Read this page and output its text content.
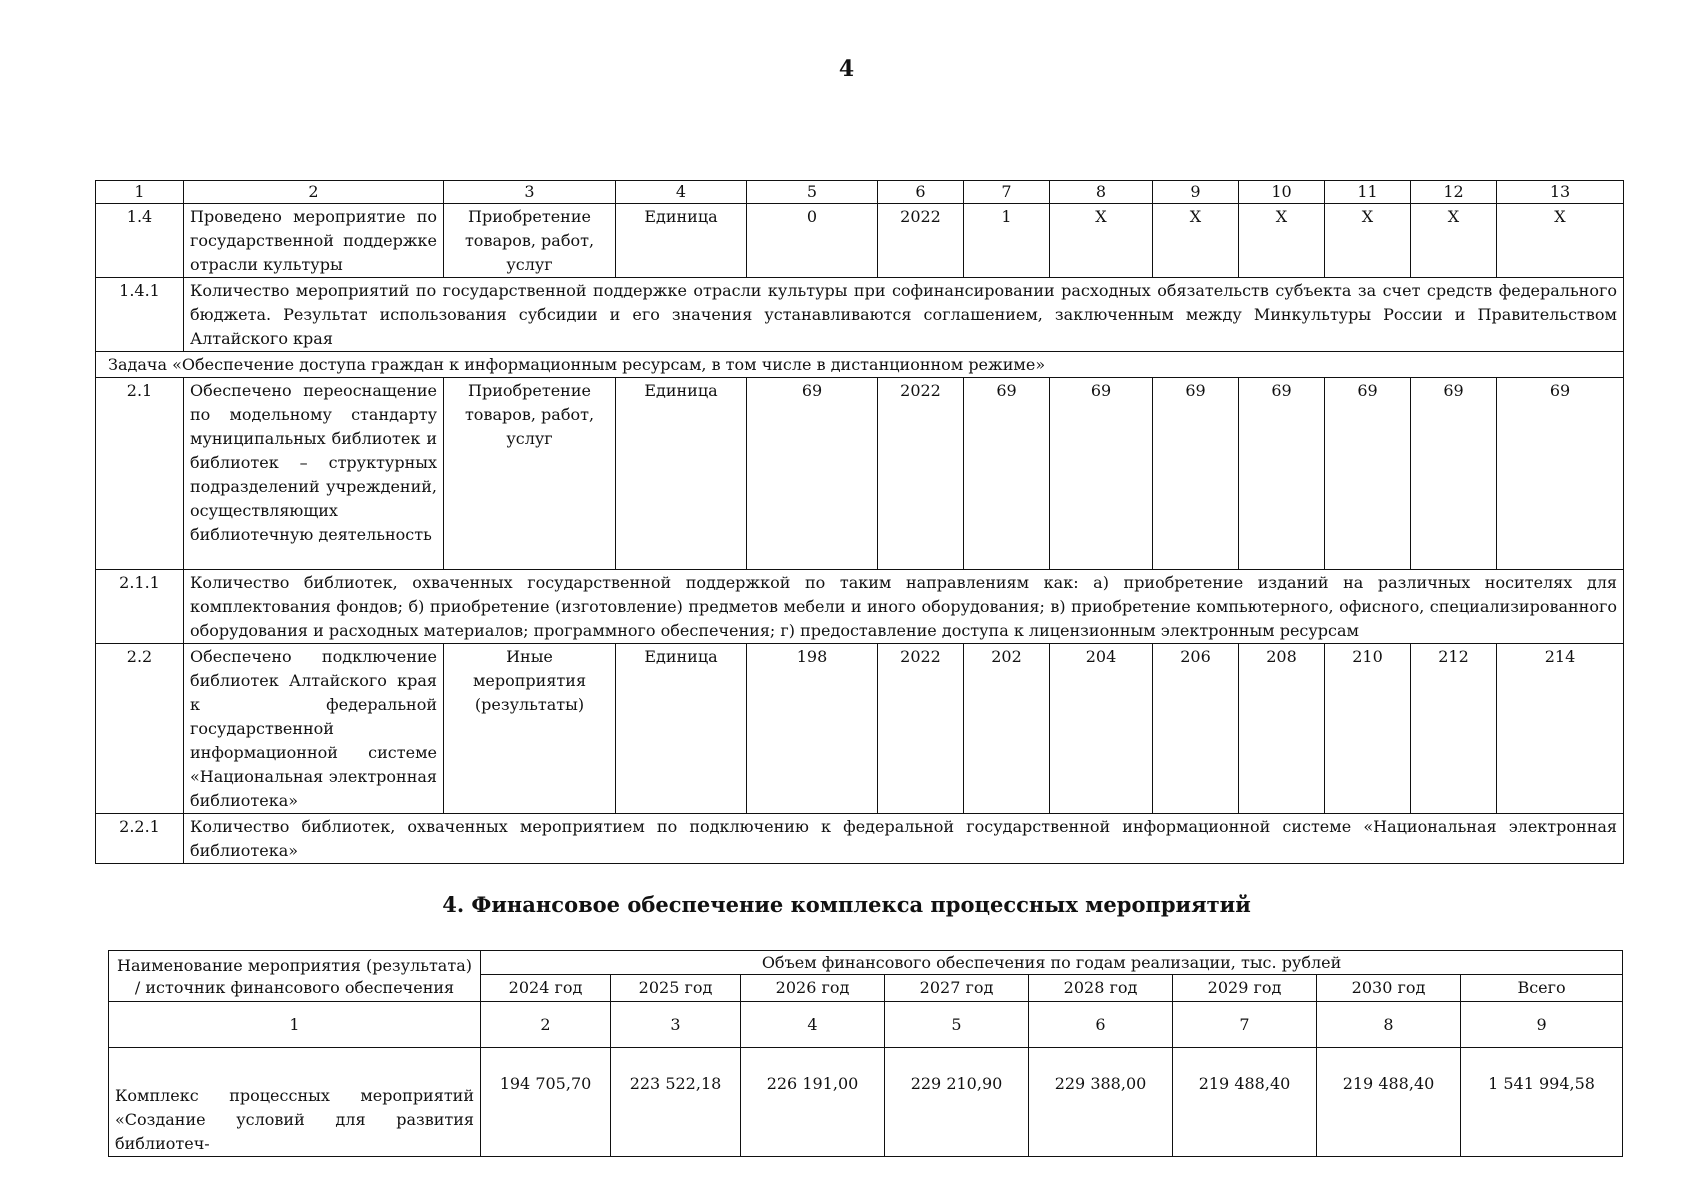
4
1	2	3	4	5	6	7	8	9	10	11	12	13
1.4	Проведено мероприятие по государственной поддержке отрасли культуры	Приобретение товаров, работ, услуг	Единица	0	2022	1	X	X	X	X	X	X
1.4.1	Количество мероприятий по государственной поддержке отрасли культуры при софинансировании расходных обязательств субъекта за счет средств федерального бюджета. Результат использования субсидии и его значения устанавливаются соглашением, заключенным между Минкультуры России и Правительством Алтайского края											
Задача «Обеспечение доступа граждан к информационным ресурсам, в том числе в дистанционном режиме»												
2.1	Обеспечено переоснащение по модельному стандарту муниципальных библиотек и библиотек – структурных подразделений учреждений, осуществляющих библиотечную деятельность	Приобретение товаров, работ, услуг	Единица	69	2022	69	69	69	69	69	69	69
2.1.1	Количество библиотек, охваченных государственной поддержкой по таким направлениям как: а) приобретение изданий на различных носителях для комплектования фондов; б) приобретение (изготовление) предметов мебели и иного оборудования; в) приобретение компьютерного, офисного, специализированного оборудования и расходных материалов; программного обеспечения; г) предоставление доступа к лицензионным электронным ресурсам											
2.2	Обеспечено подключение библиотек Алтайского края к федеральной государственной информационной системе «Национальная электронная библиотека»	Иные мероприятия (результаты)	Единица	198	2022	202	204	206	208	210	212	214
2.2.1	Количество библиотек, охваченных мероприятием по подключению к федеральной государственной информационной системе «Национальная электронная библиотека»											
4. Финансовое обеспечение комплекса процессных мероприятий
Наименование мероприятия (результата) / источник финансового обеспечения	Объем финансового обеспечения по годам реализации, тыс. рублей							
	2024 год	2025 год	2026 год	2027 год	2028 год	2029 год	2030 год	Всего
1	2	3	4	5	6	7	8	9
Комплекс процессных мероприятий «Создание условий для развития библиотеч-	194 705,70	223 522,18	226 191,00	229 210,90	229 388,00	219 488,40	219 488,40	1 541 994,58
